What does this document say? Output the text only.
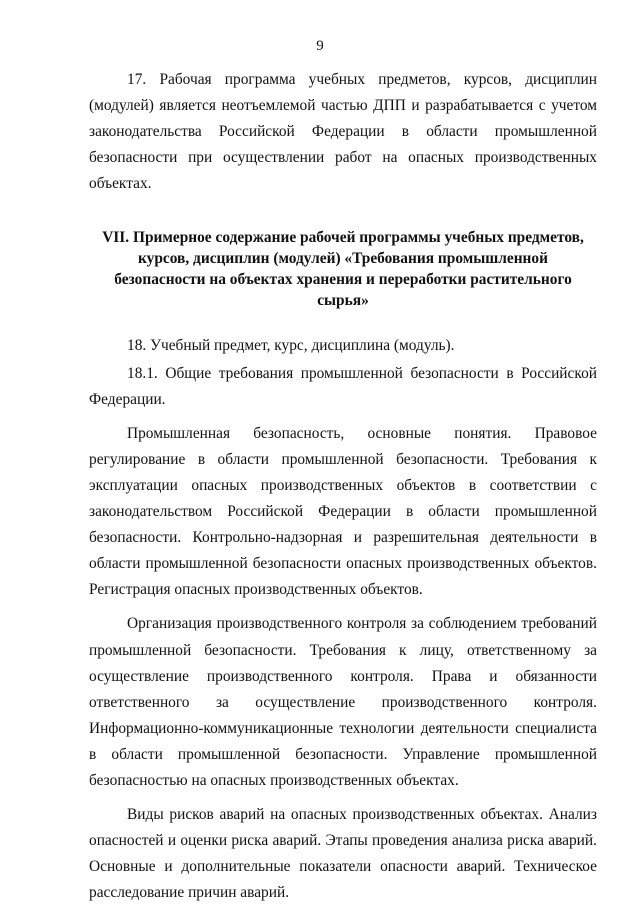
9

17. Рабочая программа учебных предметов, курсов, дисциплин (модулей) является неотъемлемой частью ДПП и разрабатывается с учетом законодательства Российской Федерации в области промышленной безопасности при осуществлении работ на опасных производственных объектах.

VII. Примерное содержание рабочей программы учебных предметов, курсов, дисциплин (модулей) «Требования промышленной безопасности на объектах хранения и переработки растительного сырья»

18. Учебный предмет, курс, дисциплина (модуль).

18.1. Общие требования промышленной безопасности в Российской Федерации.

Промышленная безопасность, основные понятия. Правовое регулирование в области промышленной безопасности. Требования к эксплуатации опасных производственных объектов в соответствии с законодательством Российской Федерации в области промышленной безопасности. Контрольно-надзорная и разрешительная деятельности в области промышленной безопасности опасных производственных объектов. Регистрация опасных производственных объектов.

Организация производственного контроля за соблюдением требований промышленной безопасности. Требования к лицу, ответственному за осуществление производственного контроля. Права и обязанности ответственного за осуществление производственного контроля. Информационно-коммуникационные технологии деятельности специалиста в области промышленной безопасности. Управление промышленной безопасностью на опасных производственных объектах.

Виды рисков аварий на опасных производственных объектах. Анализ опасностей и оценки риска аварий. Этапы проведения анализа риска аварий. Основные и дополнительные показатели опасности аварий. Техническое расследование причин аварий.
